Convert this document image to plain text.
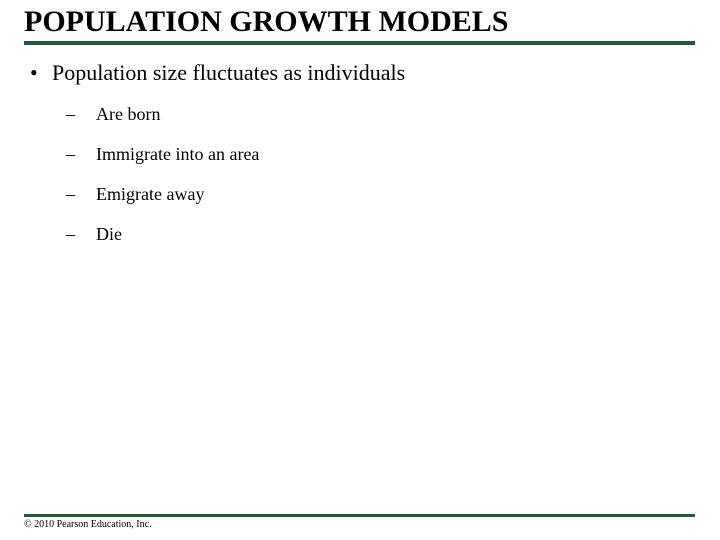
POPULATION GROWTH MODELS
• Population size fluctuates as individuals
– Are born
– Immigrate into an area
– Emigrate away
– Die
© 2010 Pearson Education, Inc.
